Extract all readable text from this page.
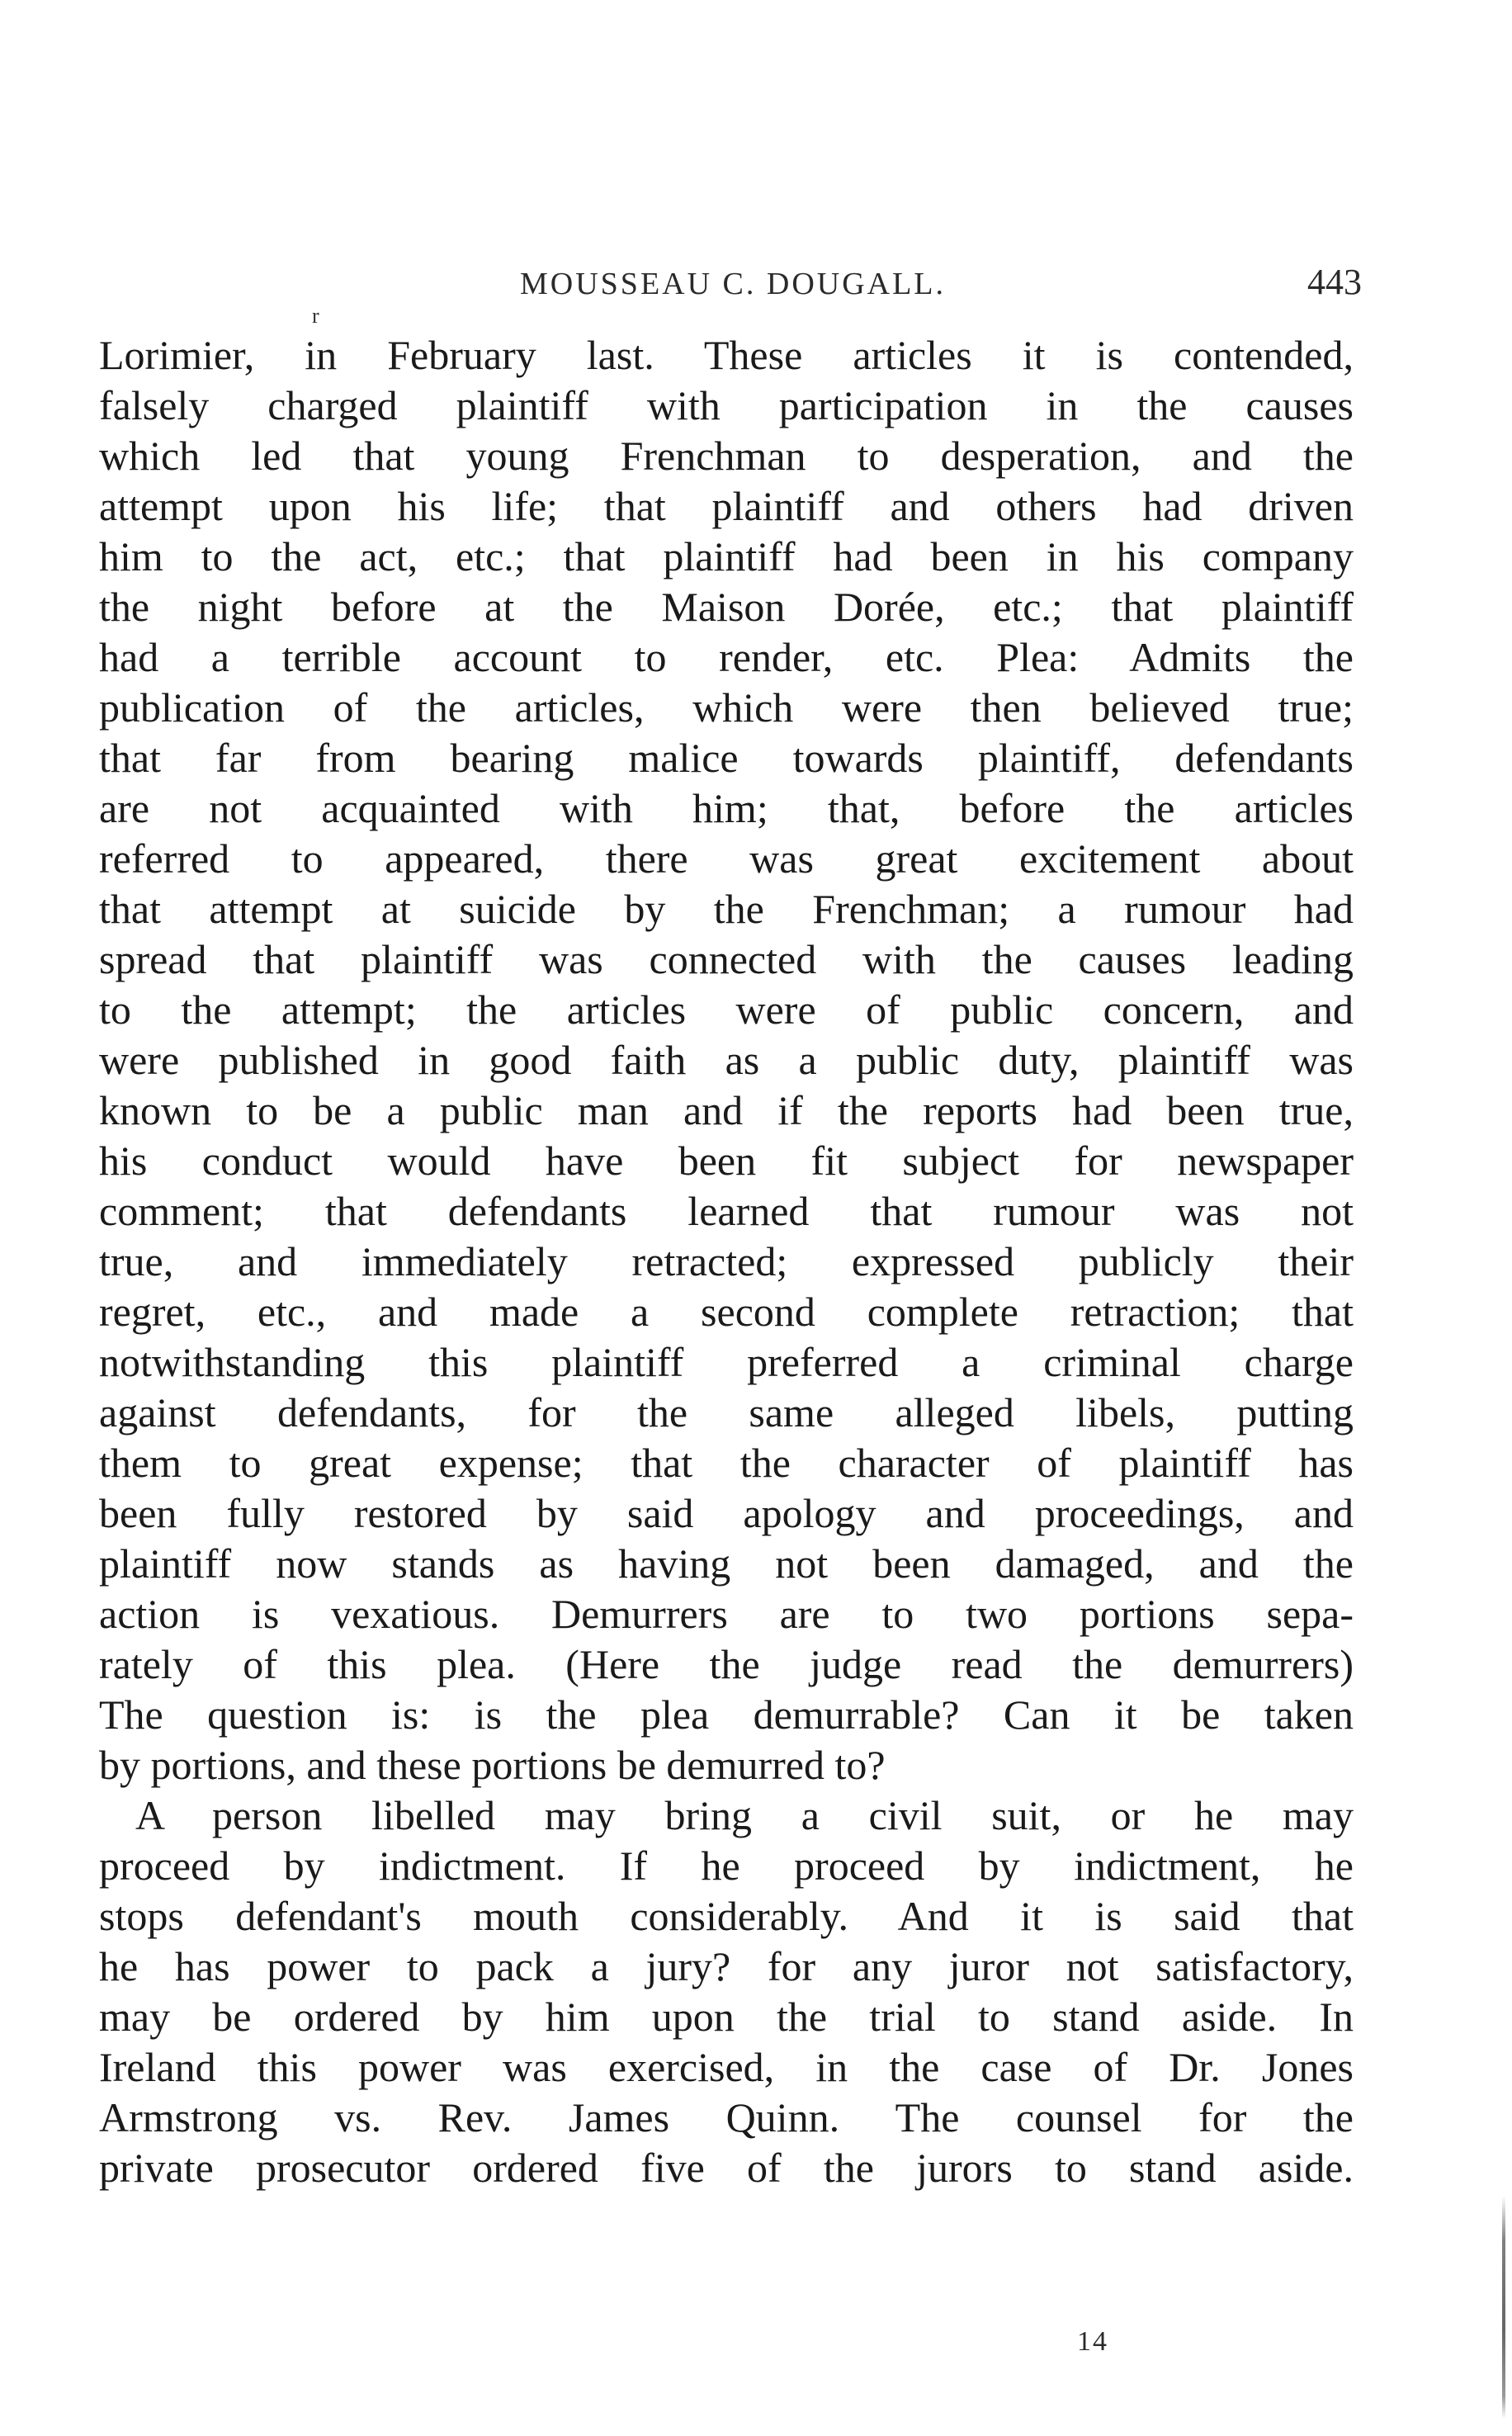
MOUSSEAU C. DOUGALL.	443
r
Lorimier, in February last. These articles it is contended,
falsely charged plaintiff with participation in the causes
which led that young Frenchman to desperation, and the
attempt upon his life; that plaintiff and others had driven
him to the act, etc.; that plaintiff had been in his company
the night before at the Maison Dorée, etc.; that plaintiff
had a terrible account to render, etc. Plea: Admits the
publication of the articles, which were then believed true;
that far from bearing malice towards plaintiff, defendants
are not acquainted with him; that, before the articles
referred to appeared, there was great excitement about
that attempt at suicide by the Frenchman; a rumour had
spread that plaintiff was connected with the causes leading
to the attempt; the articles were of public concern, and
were published in good faith as a public duty, plaintiff was
known to be a public man and if the reports had been true,
his conduct would have been fit subject for newspaper
comment; that defendants learned that rumour was not
true, and immediately retracted; expressed publicly their
regret, etc., and made a second complete retraction; that
notwithstanding this plaintiff preferred a criminal charge
against defendants, for the same alleged libels, putting
them to great expense; that the character of plaintiff has
been fully restored by said apology and proceedings, and
plaintiff now stands as having not been damaged, and the
action is vexatious. Demurrers are to two portions sepa-
rately of this plea. (Here the judge read the demurrers)
The question is: is the plea demurrable? Can it be taken
by portions, and these portions be demurred to?
A person libelled may bring a civil suit, or he may
proceed by indictment. If he proceed by indictment, he
stops defendant's mouth considerably. And it is said that
he has power to pack a jury? for any juror not satisfactory,
may be ordered by him upon the trial to stand aside. In
Ireland this power was exercised, in the case of Dr. Jones
Armstrong vs. Rev. James Quinn. The counsel for the
private prosecutor ordered five of the jurors to stand aside.
14
